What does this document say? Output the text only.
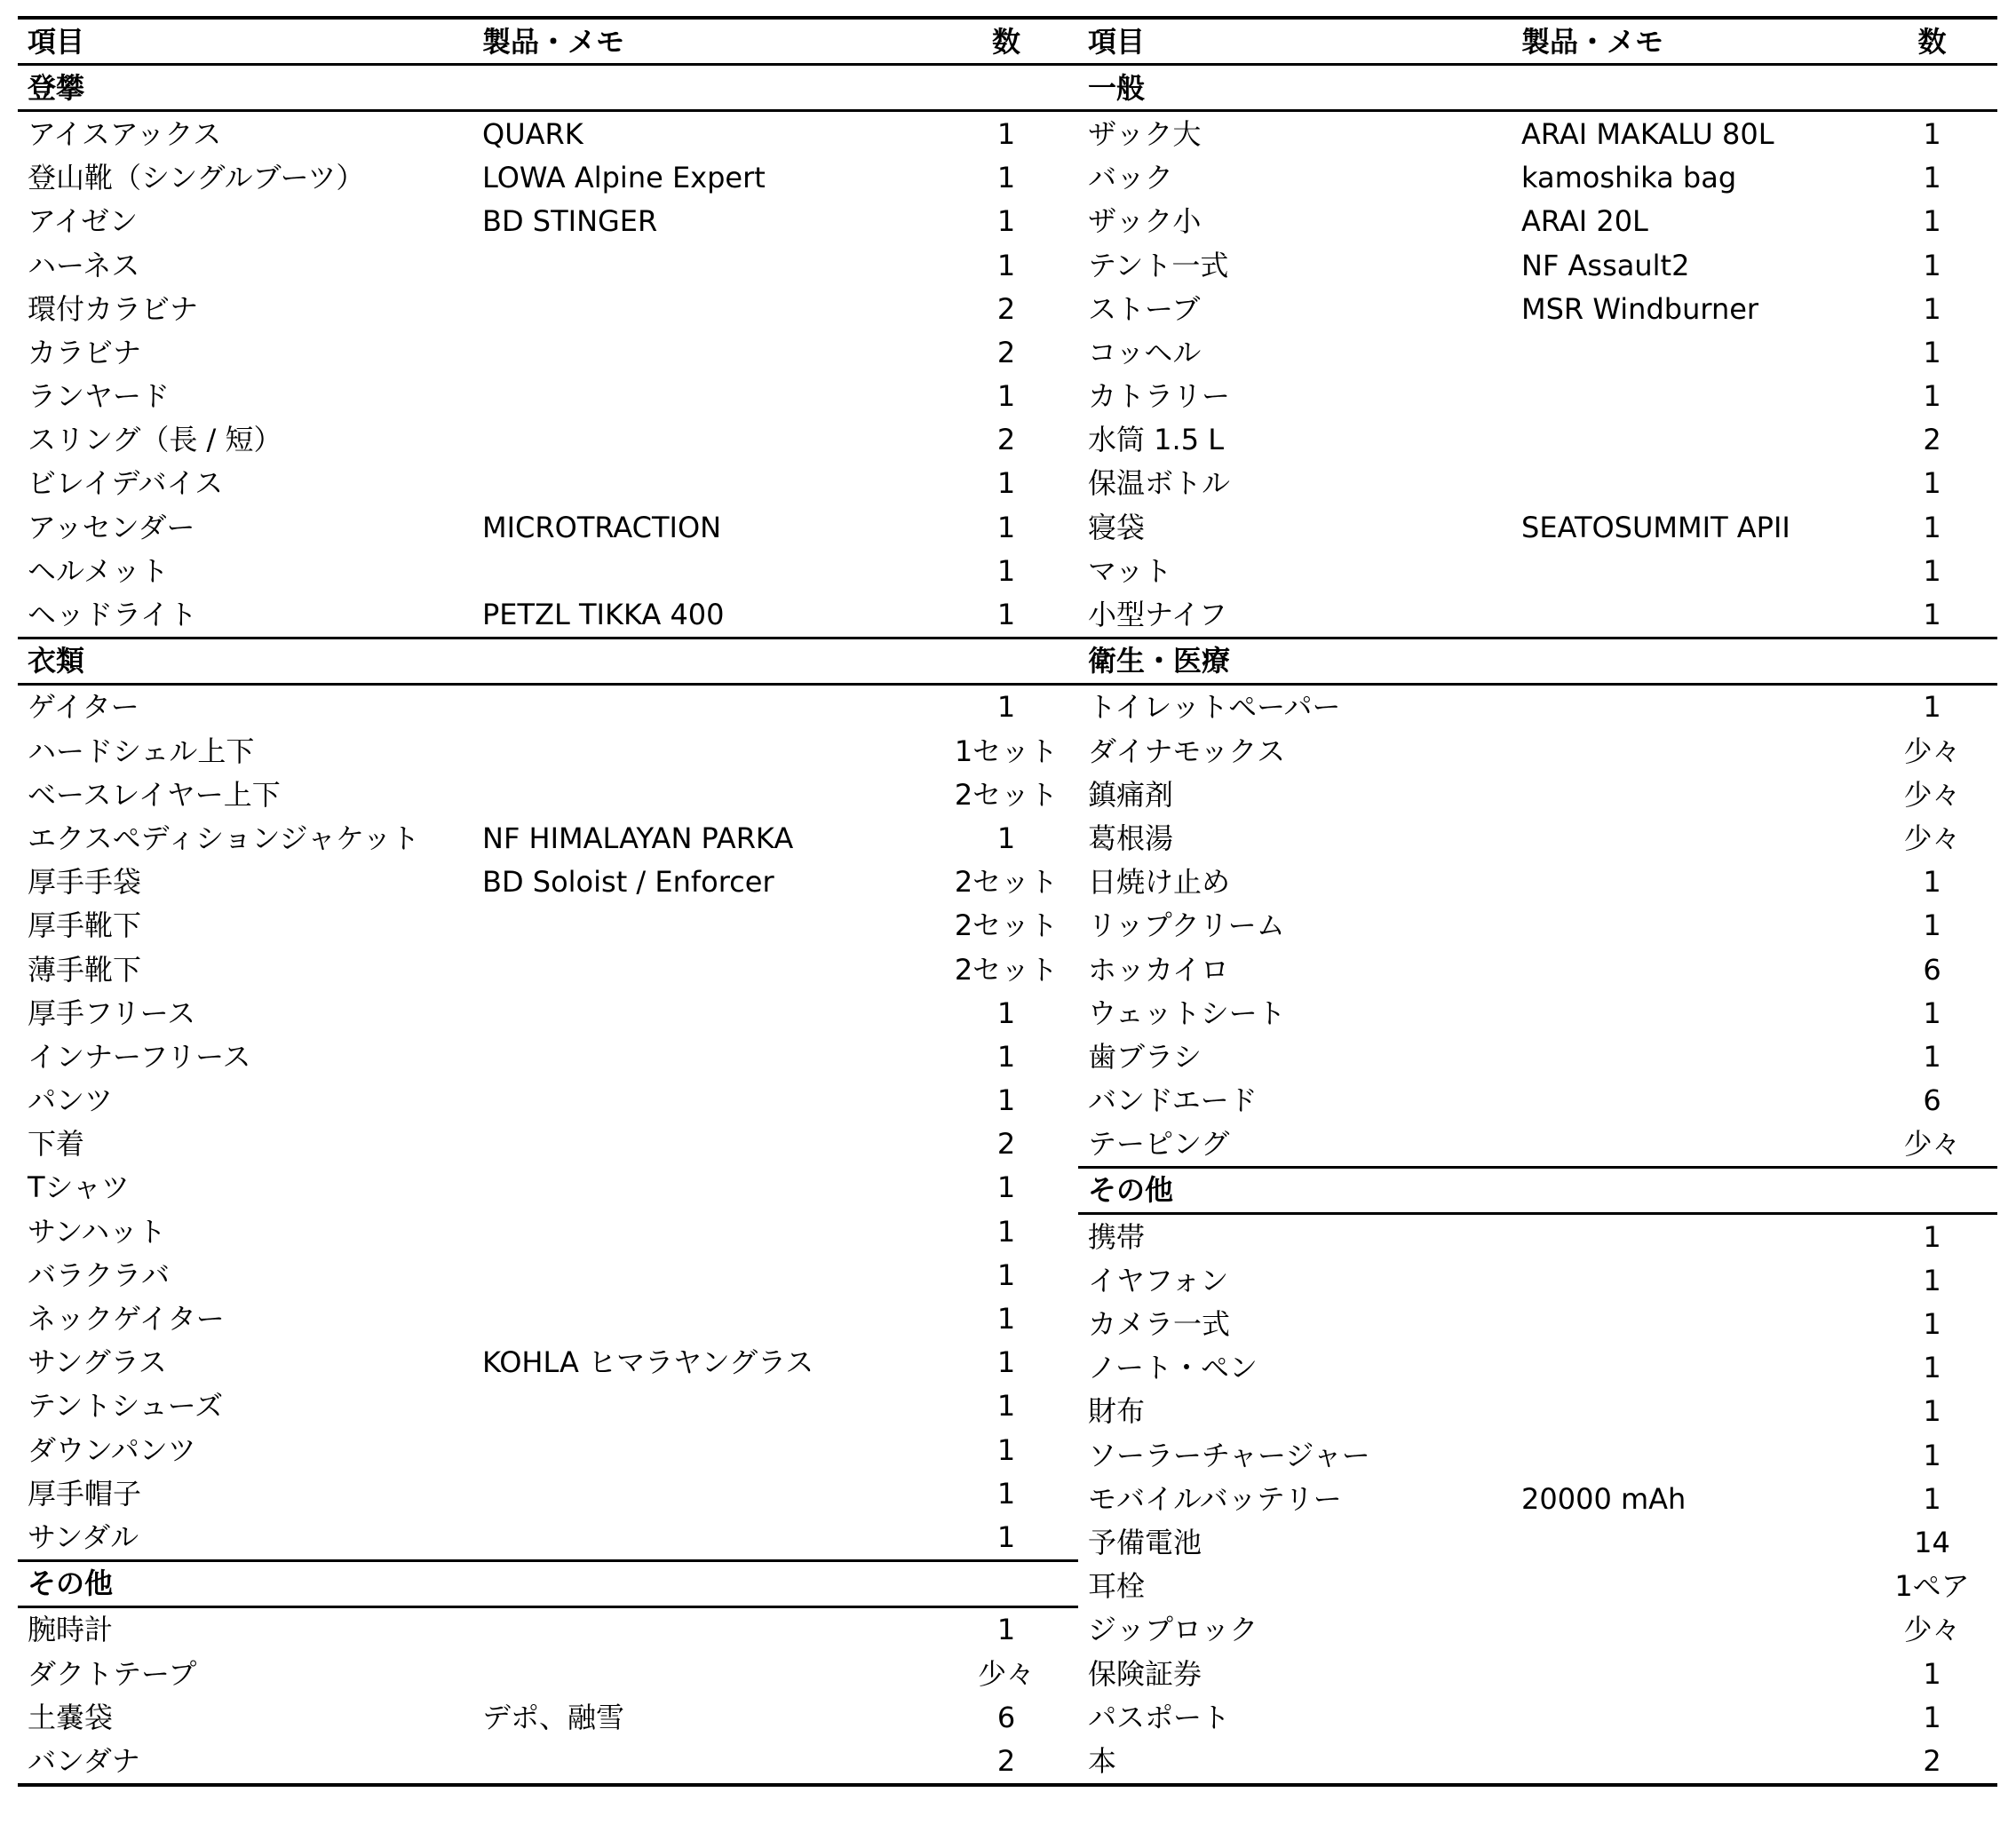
項目	製品・メモ	数
登攀		
アイスアックス	QUARK	1
登山靴（シングルブーツ）	LOWA Alpine Expert	1
アイゼン	BD STINGER	1
ハーネス		1
環付カラビナ		2
カラビナ		2
ランヤード		1
スリング（長 / 短）		2
ビレイデバイス		1
アッセンダー	MICROTRACTION	1
ヘルメット		1
ヘッドライト	PETZL TIKKA 400	1
衣類		
ゲイター		1
ハードシェル上下		1セット
ベースレイヤー上下		2セット
エクスペディションジャケット	NF HIMALAYAN PARKA	1
厚手手袋	BD Soloist / Enforcer	2セット
厚手靴下		2セット
薄手靴下		2セット
厚手フリース		1
インナーフリース		1
パンツ		1
下着		2
Tシャツ		1
サンハット		1
バラクラバ		1
ネックゲイター		1
サングラス	KOHLA ヒマラヤングラス	1
テントシューズ		1
ダウンパンツ		1
厚手帽子		1
サンダル		1
その他		
腕時計		1
ダクトテープ		少々
土嚢袋	デポ、融雪	6
バンダナ		2
項目	製品・メモ	数
一般		
ザック大	ARAI MAKALU 80L	1
バック	kamoshika bag	1
ザック小	ARAI 20L	1
テント一式	NF Assault2	1
ストーブ	MSR Windburner	1
コッヘル		1
カトラリー		1
水筒 1.5 L		2
保温ボトル		1
寝袋	SEATOSUMMIT APII	1
マット		1
小型ナイフ		1
衛生・医療		
トイレットペーパー		1
ダイナモックス		少々
鎮痛剤		少々
葛根湯		少々
日焼け止め		1
リップクリーム		1
ホッカイロ		6
ウェットシート		1
歯ブラシ		1
バンドエード		6
テーピング		少々
その他		
携帯		1
イヤフォン		1
カメラ一式		1
ノート・ペン		1
財布		1
ソーラーチャージャー		1
モバイルバッテリー	20000 mAh	1
予備電池		14
耳栓		1ペア
ジップロック		少々
保険証券		1
パスポート		1
本		2
